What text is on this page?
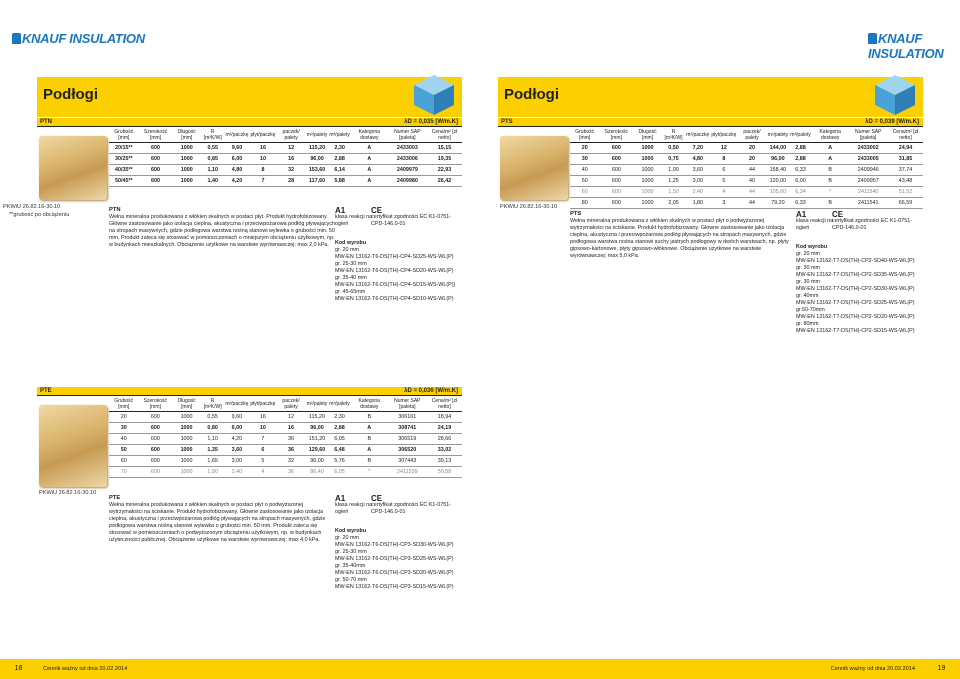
KNAUF INSULATION
Podłogi
PTN	λD = 0,035 [W/m.K]
PKWiU 26.82.16-30.10
**grubość po obciążeniu
Grubość [mm]	Szerokość [mm]	Długość [mm]	R [m²K/W]	m²/paczkę	płyt/paczkę	paczek/ palety	m²/palety	m³/palety	Kategoria dostawy	Numer SAP [paleta]	Cena/m² [zł netto]
20/15**	600	1000	0,55	9,60	16	12	115,20	2,30	A	2433003	15,15
30/25**	600	1000	0,85	6,00	10	16	96,00	2,88	A	2433006	19,35
40/35**	600	1000	1,10	4,80	8	32	153,60	6,14	A	2409979	22,93
50/45**	600	1000	1,40	4,20	7	28	117,60	5,88	A	2409980	26,42
PTN
Wełna mineralna produkowana z włókien skalnych w postaci płyt. Produkt hydrofobizowany. Główne zastosowanie jako izolacja cieplna, akustyczna i przeciwpożarowa podłóg pływających na stropach masywnych, gdzie podłogowa warstwa nośną stanowi wylewka o grubości min. 50 mm. Produkt zaleca się stosować w pomieszczeniach o mniejszym obciążeniu użytkowym, np. w budynkach mieszkalnych. Obciążenie użytkowe na warstwie wyrównawczej: max 2,0 kPa.
A1
klasa reakcji na ogień
CE
certyfikat zgodności EC K1-0751-CPD-146.0-01
Kod wyrobu
gr. 20 mm
MW-EN 13162-T6-DS(TH)-CP4-SD25-WS-WL(P)
gr. 25-30 mm
MW-EN 13162-T6-DS(TH)-CP4-SD20-WS-WL(P)
gr. 35-40 mm
MW-EN 13162-T6-DS(TH)-CP4-SD15-WS-WL(P))
gr. 45-65mm
MW-EN 13162-T6-DS(TH)-CP4-SD10-WS-WL(P)
PTE	λD = 0,036 [W/m.K]
PKWiU 26.82.16-30.10
Grubość [mm]	Szerokość [mm]	Długość [mm]	R [m²K/W]	m²/paczkę	płyt/paczkę	paczek/ palety	m²/palety	m³/palety	Kategoria dostawy	Numer SAP [paleta]	Cena/m² [zł netto]
20	600	1000	0,55	9,60	16	12	115,20	2,30	B	306161	18,94
30	600	1000	0,80	6,00	10	16	96,00	2,88	A	308741	24,19
40	600	1000	1,10	4,20	7	36	151,20	6,05	B	306519	28,66
50	600	1000	1,35	3,60	6	36	129,60	6,48	A	306520	33,02
60	600	1000	1,65	3,00	5	32	96,00	5,76	B	307443	39,13
70	600	1000	1,90	2,40	4	36	86,40	6,05	*	2411539	50,58
PTE
Wełna mineralna produkowana z włókien skalnych w postaci płyt o podwyższonej wytrzymałości na ściskanie. Produkt hydrofobizowany. Główne zastosowanie jako izolacja cieplna, akustyczna i przeciwpożarowa podłóg pływających na stropach masywnych, gdzie podłogowa warstwa nośną stanowi wylewka o grubości min. 50 mm. Produkt zaleca się stosować w pomieszczeniach o podwyższonym obciążeniu użytkowym, np. w budynkach użyteczności publicznej. Obciążenie użytkowe na warstwie wyrównawczej: max 4,0 kPa.
A1
klasa reakcji na ogień
CE
certyfikat zgodności EC K1-0751-CPD-146.0-01
Kod wyrobu
gr. 20 mm
MW-EN 13162-T6-DS(TH)-CP3-SD30-WS-WL(P)
gr. 25-30 mm
MW-EN 13162-T6-DS(TH)-CP3-SD25-WS-WL(P)
gr. 35-40mm
MW-EN 13162-T6-DS(TH)-CP3-SD20-WS-WL(P)
gr. 50-70 mm
MW-EN 13162-T6-DS(TH)-CP3-SD15-WS-WL(P)
18	Cennik ważny od dnia 20.02.2014
KNAUF INSULATION
Podłogi
PTS	λD = 0,039 [W/m.K]
PKWiU 26.82.16-30.10
Grubość [mm]	Szerokość [mm]	Długość [mm]	R [m²K/W]	m²/paczkę	płyt/paczkę	paczek/ palety	m²/palety	m³/palety	Kategoria dostawy	Numer SAP [paleta]	Cena/m² [zł netto]
20	600	1000	0,50	7,20	12	20	144,00	2,88	A	2433002	24,94
30	600	1000	0,75	4,80	8	20	96,00	2,88	A	2433005	31,85
40	600	1000	1,00	3,60	6	44	158,40	6,33	B	2409946	37,74
50	600	1000	1,25	3,00	5	40	120,00	6,00	B	2409957	43,48
60	600	1000	1,50	2,40	4	44	105,60	6,34	*	2411540	51,52
80	600	1000	2,05	1,80	3	44	79,20	6,33	B	2411541	66,59
PTS
Wełna mineralna produkowana z włókien skalnych w postaci płyt o podwyższonej wytrzymałości na ściskanie. Produkt hydrofobizowany. Główne zastosowanie jako izolacja cieplna, akustyczna i przeciwpożarowa podłóg pływających na stropach masywnych, gdzie podłogowa warstwa nośna stanowi suchy jastrych podłogowy w dwóch warstwach, np. płyty gipsowo-kartonowe, płyty gipsowo-włóknowe. Obciążenie użytkowe na warstwie wyrównawczej: max 5,0 kPa.
A1
klasa reakcji na ogień
CE
certyfikat zgodności EC K1-0751-CPD-146.0-01
Kod wyrobu
gr. 20 mm
MW-EN 13162-T7-DS(TH)-CP2-SD40-WS-WL(P)
gr. 30 mm
MW-EN 13162-T7-DS(TH)-CP2-SD35-WS-WL(P)
gr. 30 mm
MW-EN 13162-T7-DS(TH)-CP2-SD30-WS-WL(P)
gr. 40mm
MW-EN 13162-T7-DS(TH)-CP2-SD25-WS-WL(P)
gr.50-70mm
MW-EN 13162-T7-DS(TH)-CP2-SD20-WS-WL(P)
gr. 80mm
MW-EN 13162-T7-DS(TH)-CP2-SD15-WS-WL(P)
Cennik ważny od dnia 20.02.2014	19
